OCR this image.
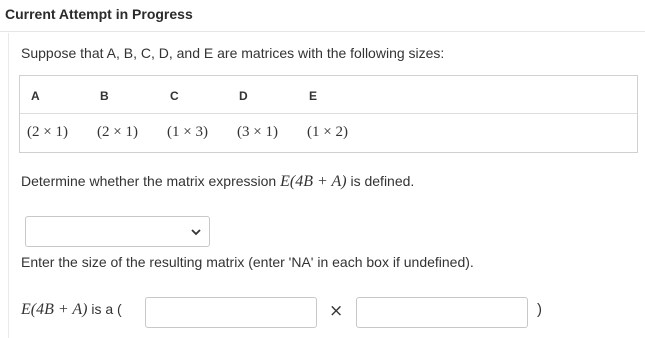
Current Attempt in Progress
Suppose that A, B, C, D, and E are matrices with the following sizes:
A	B	C	D	E
(2 × 1) (2 × 1) (1 × 3) (3 × 1) (1 × 2)
Determine whether the matrix expression E(4B + A) is defined.
Enter the size of the resulting matrix (enter 'NA' in each box if undefined).
E(4B + A) is a (	×	)
